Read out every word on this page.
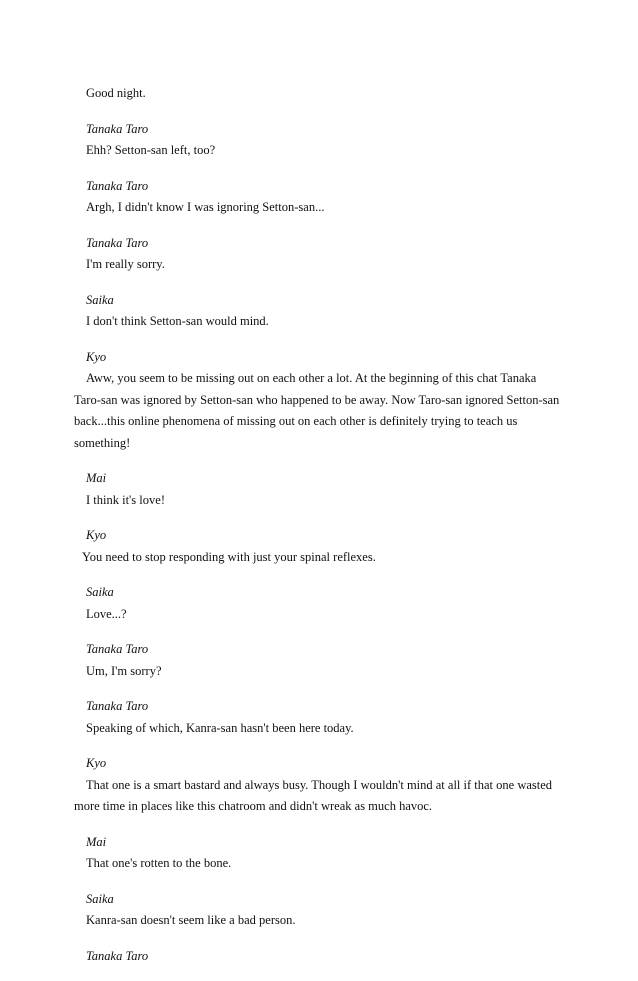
Good night.
Tanaka Taro
Ehh? Setton-san left, too?
Tanaka Taro
Argh, I didn't know I was ignoring Setton-san...
Tanaka Taro
I'm really sorry.
Saika
I don't think Setton-san would mind.
Kyo
Aww, you seem to be missing out on each other a lot. At the beginning of this chat Tanaka Taro-san was ignored by Setton-san who happened to be away. Now Taro-san ignored Setton-san back...this online phenomena of missing out on each other is definitely trying to teach us something!
Mai
I think it's love!
Kyo
You need to stop responding with just your spinal reflexes.
Saika
Love...?
Tanaka Taro
Um, I'm sorry?
Tanaka Taro
Speaking of which, Kanra-san hasn't been here today.
Kyo
That one is a smart bastard and always busy. Though I wouldn't mind at all if that one wasted more time in places like this chatroom and didn't wreak as much havoc.
Mai
That one's rotten to the bone.
Saika
Kanra-san doesn't seem like a bad person.
Tanaka Taro
